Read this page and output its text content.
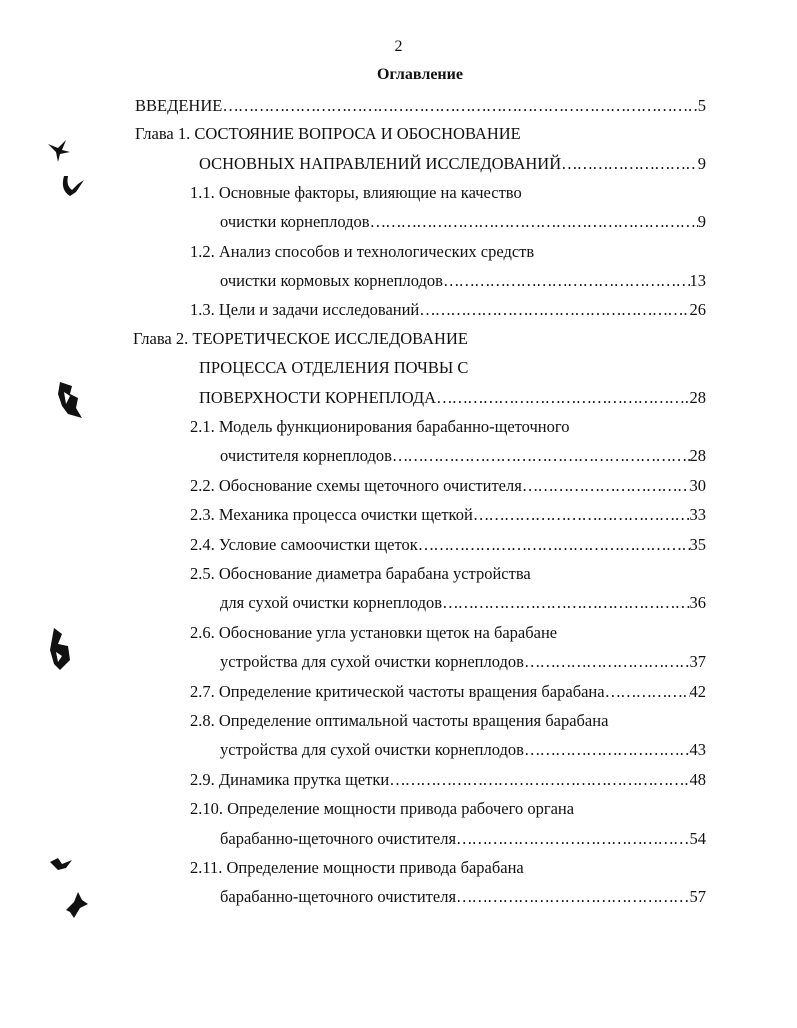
2
Оглавление
ВВЕДЕНИЕ ……………………………………………………………………………………………………………………………………………………	5
Глава 1. СОСТОЯНИЕ ВОПРОСА И ОБОСНОВАНИЕ
ОСНОВНЫХ НАПРАВЛЕНИЙ ИССЛЕДОВАНИЙ ……………………………………………………………………………………………………………………………………………………	9
1.1. Основные факторы, влияющие на качество
очистки корнеплодов ……………………………………………………………………………………………………………………………………………………	9
1.2. Анализ способов и технологических средств
очистки кормовых корнеплодов ……………………………………………………………………………………………………………………………………………………	13
1.3. Цели и задачи исследований ……………………………………………………………………………………………………………………………………………………	26
Глава 2. ТЕОРЕТИЧЕСКОЕ ИССЛЕДОВАНИЕ
ПРОЦЕССА ОТДЕЛЕНИЯ ПОЧВЫ С
ПОВЕРХНОСТИ КОРНЕПЛОДА ……………………………………………………………………………………………………………………………………………………	28
2.1. Модель функционирования барабанно-щеточного
очистителя корнеплодов ……………………………………………………………………………………………………………………………………………………	28
2.2. Обоснование схемы щеточного очистителя ……………………………………………………………………………………………………………………………………………………	30
2.3. Механика процесса очистки щеткой ……………………………………………………………………………………………………………………………………………………	33
2.4. Условие самоочистки щеток ……………………………………………………………………………………………………………………………………………………	35
2.5. Обоснование диаметра барабана устройства
для сухой очистки корнеплодов ……………………………………………………………………………………………………………………………………………………	36
2.6. Обоснование угла установки щеток на барабане
устройства для сухой очистки корнеплодов ……………………………………………………………………………………………………………………………………………………	37
2.7. Определение критической частоты вращения барабана ……………………………………………………………………………………………………………………………………………………	42
2.8. Определение оптимальной частоты вращения барабана
устройства для сухой очистки корнеплодов ……………………………………………………………………………………………………………………………………………………	43
2.9. Динамика прутка щетки ……………………………………………………………………………………………………………………………………………………	48
2.10. Определение мощности привода рабочего органа
барабанно-щеточного очистителя ……………………………………………………………………………………………………………………………………………………	54
2.11. Определение мощности привода барабана
барабанно-щеточного очистителя ……………………………………………………………………………………………………………………………………………………	57
